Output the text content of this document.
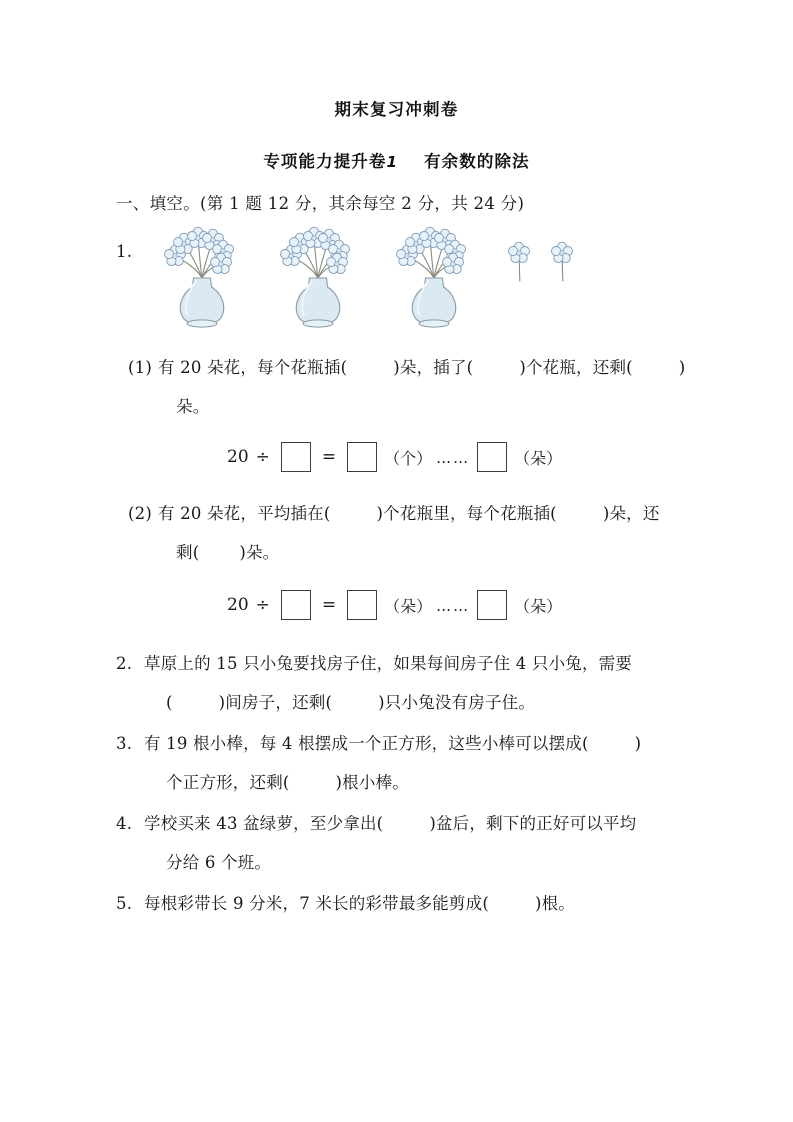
期末复习冲刺卷
专项能力提升卷1 有余数的除法
一、填空。(第 1 题 12 分，其余每空 2 分，共 24 分)
1.
(1) 有 20 朵花，每个花瓶插(	)朵，插了(	)个花瓶，还剩(	)
朵。
20 ÷	=	（个） ……	（朵）
(2) 有 20 朵花，平均插在(	)个花瓶里，每个花瓶插(	)朵，还
剩( )朵。
20 ÷	=	（朵） ……	（朵）
2. 草原上的 15 只小兔要找房子住，如果每间房子住 4 只小兔，需要
(	)间房子，还剩(	)只小兔没有房子住。
3. 有 19 根小棒，每 4 根摆成一个正方形，这些小棒可以摆成(	)
个正方形，还剩(	)根小棒。
4. 学校买来 43 盆绿萝，至少拿出(	)盆后，剩下的正好可以平均
分给 6 个班。
5. 每根彩带长 9 分米，7 米长的彩带最多能剪成(	)根。
